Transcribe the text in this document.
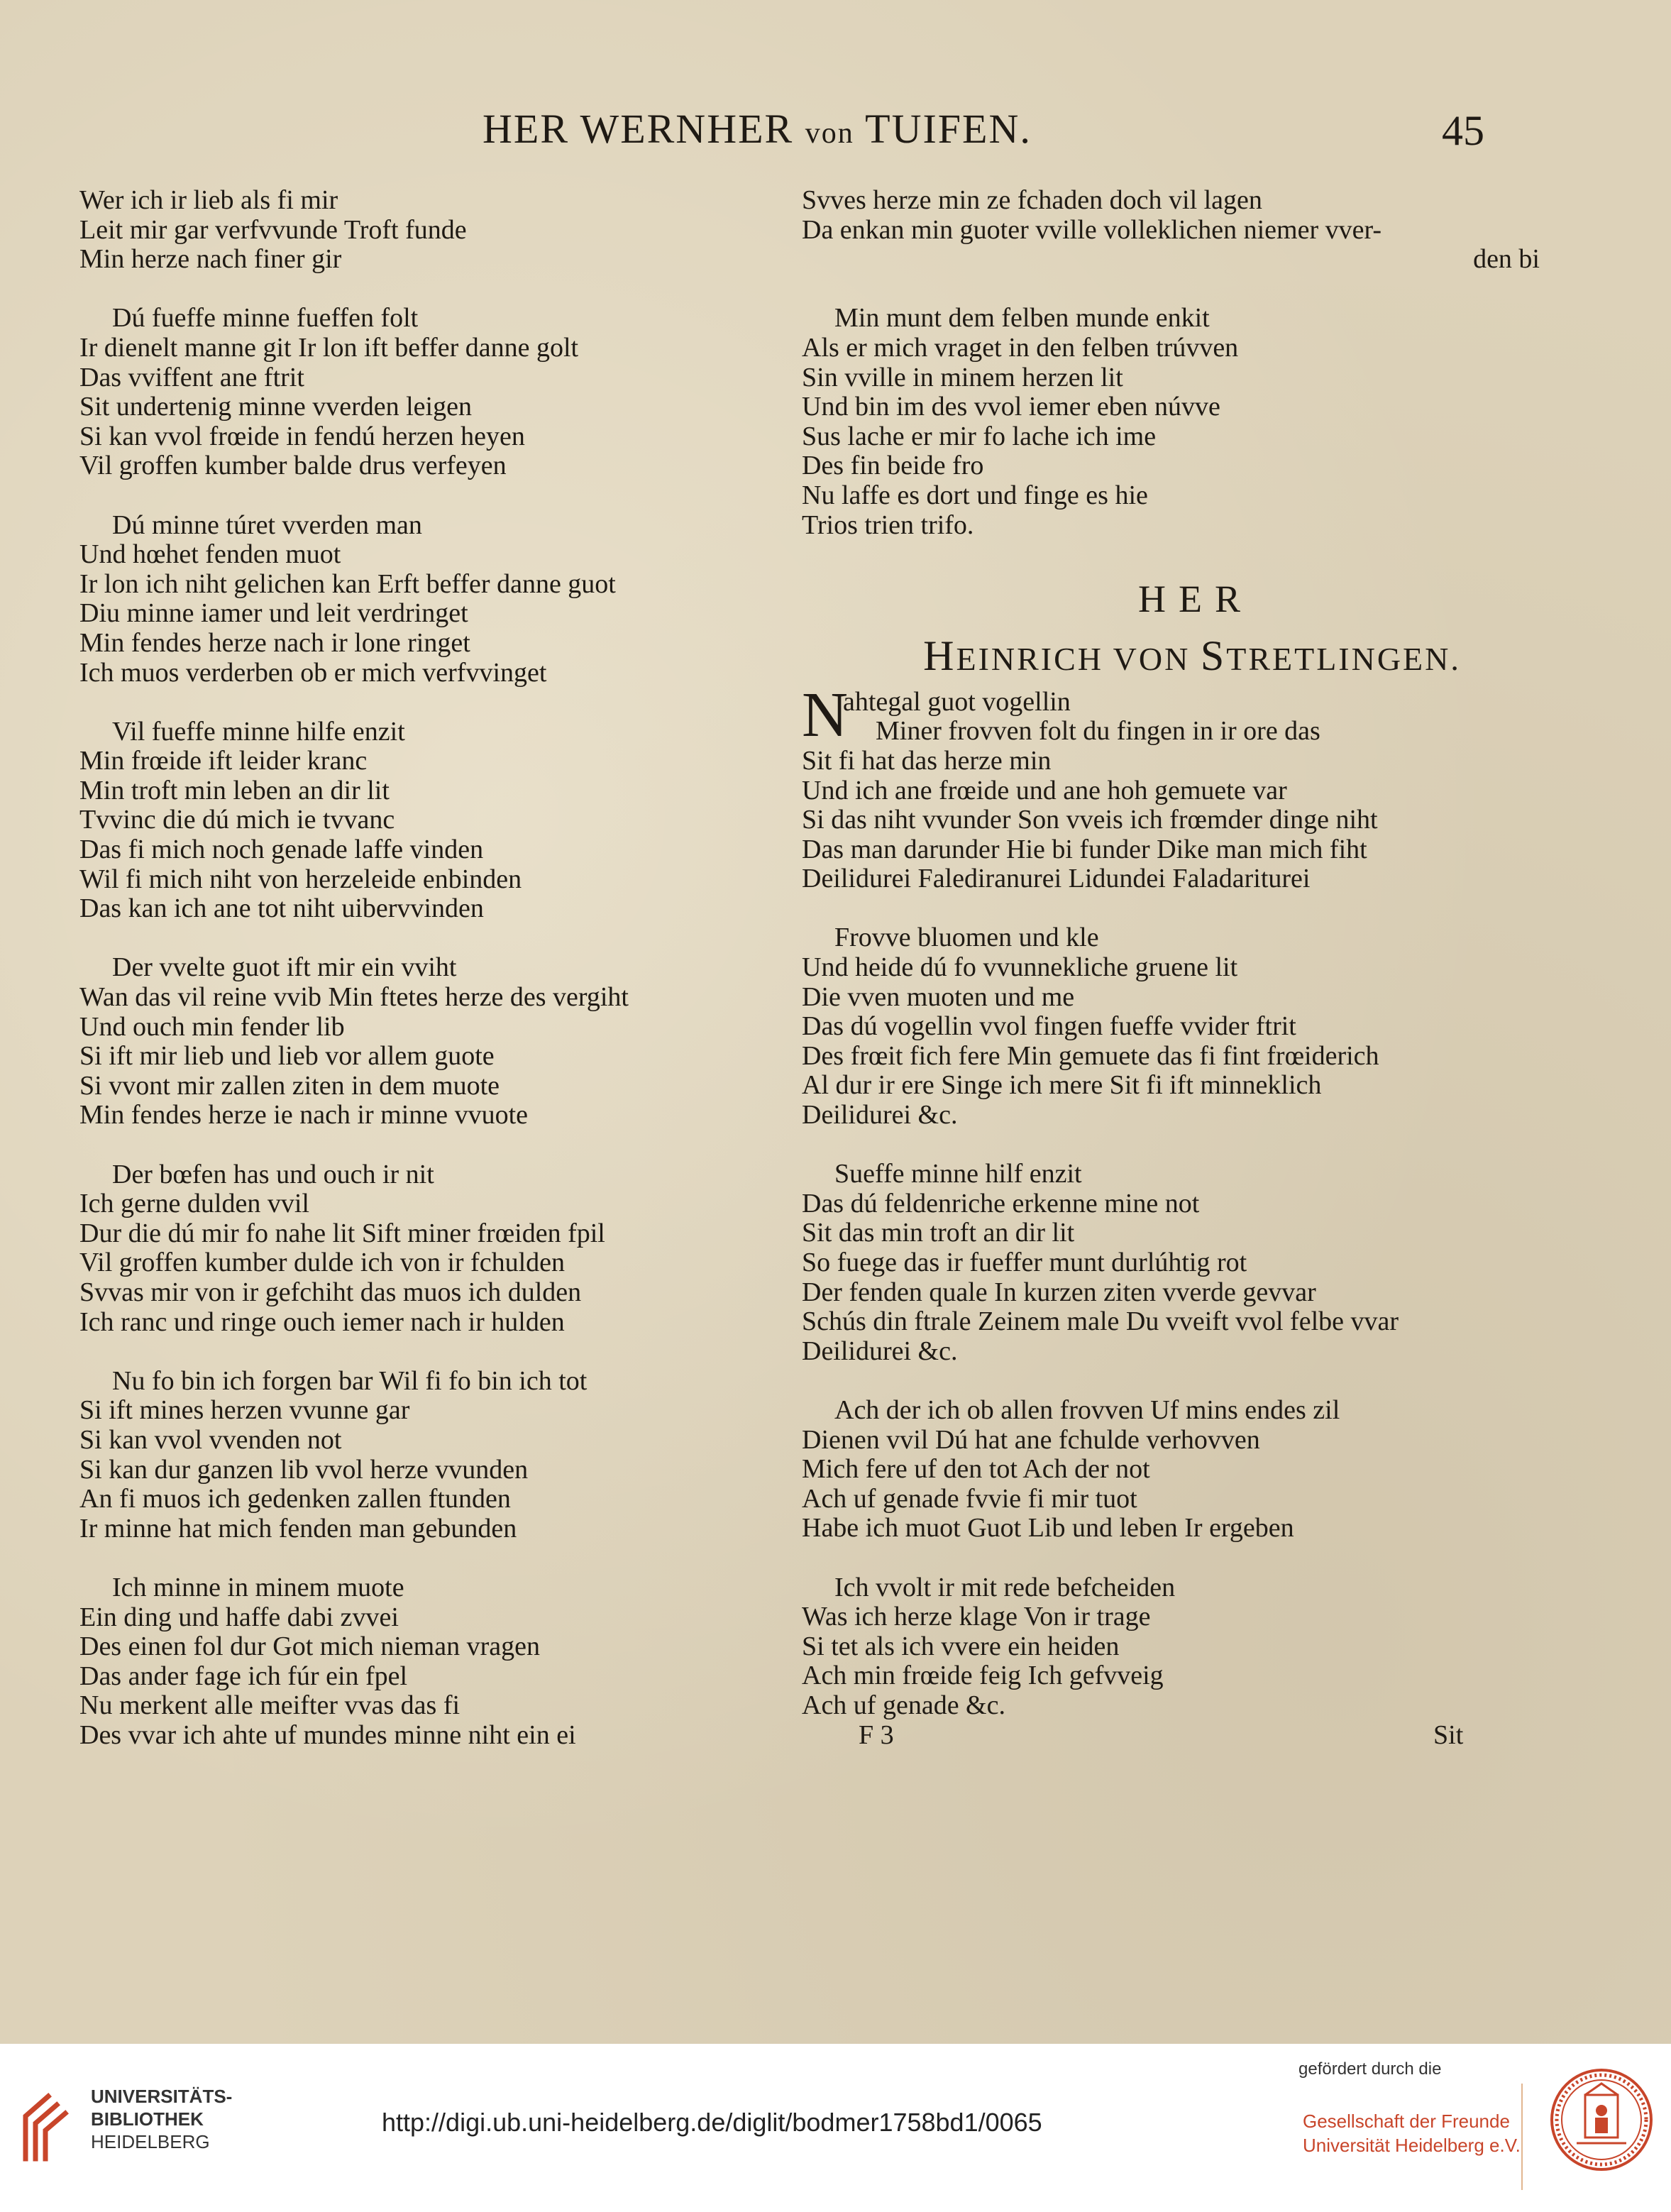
HER WERNHER von TUIFEN.	45
Wer ich ir lieb als fi mir
Leit mir gar verfvvunde Troft funde
Min herze nach finer gir
Dú fueffe minne fueffen folt
Ir dienelt manne git Ir lon ift beffer danne golt
Das vviffent ane ftrit
Sit undertenig minne vverden leigen
Si kan vvol frœide in fendú herzen heyen
Vil groffen kumber balde drus verfeyen
Dú minne túret vverden man
Und hœhet fenden muot
Ir lon ich niht gelichen kan Erft beffer danne guot
Diu minne iamer und leit verdringet
Min fendes herze nach ir lone ringet
Ich muos verderben ob er mich verfvvinget
Vil fueffe minne hilfe enzit
Min frœide ift leider kranc
Min troft min leben an dir lit
Tvvinc die dú mich ie tvvanc
Das fi mich noch genade laffe vinden
Wil fi mich niht von herzeleide enbinden
Das kan ich ane tot niht uibervvinden
Der vvelte guot ift mir ein vviht
Wan das vil reine vvib Min ftetes herze des vergiht
Und ouch min fender lib
Si ift mir lieb und lieb vor allem guote
Si vvont mir zallen ziten in dem muote
Min fendes herze ie nach ir minne vvuote
Der bœfen has und ouch ir nit
Ich gerne dulden vvil
Dur die dú mir fo nahe lit Sift miner frœiden fpil
Vil groffen kumber dulde ich von ir fchulden
Svvas mir von ir gefchiht das muos ich dulden
Ich ranc und ringe ouch iemer nach ir hulden
Nu fo bin ich forgen bar Wil fi fo bin ich tot
Si ift mines herzen vvunne gar
Si kan vvol vvenden not
Si kan dur ganzen lib vvol herze vvunden
An fi muos ich gedenken zallen ftunden
Ir minne hat mich fenden man gebunden
Ich minne in minem muote
Ein ding und haffe dabi zvvei
Des einen fol dur Got mich nieman vragen
Das ander fage ich fúr ein fpel
Nu merkent alle meifter vvas das fi
Des vvar ich ahte uf mundes minne niht ein ei
Svves herze min ze fchaden doch vil lagen
Da enkan min guoter vville volleklichen niemer vver-
den bi
Min munt dem felben munde enkit
Als er mich vraget in den felben trúvven
Sin vville in minem herzen lit
Und bin im des vvol iemer eben núvve
Sus lache er mir fo lache ich ime
Des fin beide fro
Nu laffe es dort und finge es hie
Trios trien trifo.
HER
HEINRICH VON STRETLINGEN.
N
ahtegal guot vogellin
Miner frovven folt du fingen in ir ore das
Sit fi hat das herze min
Und ich ane frœide und ane hoh gemuete var
Si das niht vvunder Son vveis ich frœmder dinge niht
Das man darunder Hie bi funder Dike man mich fiht
Deilidurei Falediranurei Lidundei Faladariturei
Frovve bluomen und kle
Und heide dú fo vvunnekliche gruene lit
Die vven muoten und me
Das dú vogellin vvol fingen fueffe vvider ftrit
Des frœit fich fere Min gemuete das fi fint frœiderich
Al dur ir ere Singe ich mere Sit fi ift minneklich
Deilidurei &c.
Sueffe minne hilf enzit
Das dú feldenriche erkenne mine not
Sit das min troft an dir lit
So fuege das ir fueffer munt durlúhtig rot
Der fenden quale In kurzen ziten vverde gevvar
Schús din ftrale Zeinem male Du vveift vvol felbe vvar
Deilidurei &c.
Ach der ich ob allen frovven Uf mins endes zil
Dienen vvil Dú hat ane fchulde verhovven
Mich fere uf den tot Ach der not
Ach uf genade fvvie fi mir tuot
Habe ich muot Guot Lib und leben Ir ergeben
Ich vvolt ir mit rede befcheiden
Was ich herze klage Von ir trage
Si tet als ich vvere ein heiden
Ach min frœide feig Ich gefvveig
Ach uf genade &c.
F 3	Sit
UNIVERSITÄTS-
BIBLIOTHEK
HEIDELBERG
http://digi.ub.uni-heidelberg.de/diglit/bodmer1758bd1/0065
gefördert durch die
Gesellschaft der Freunde
Universität Heidelberg e.V.
